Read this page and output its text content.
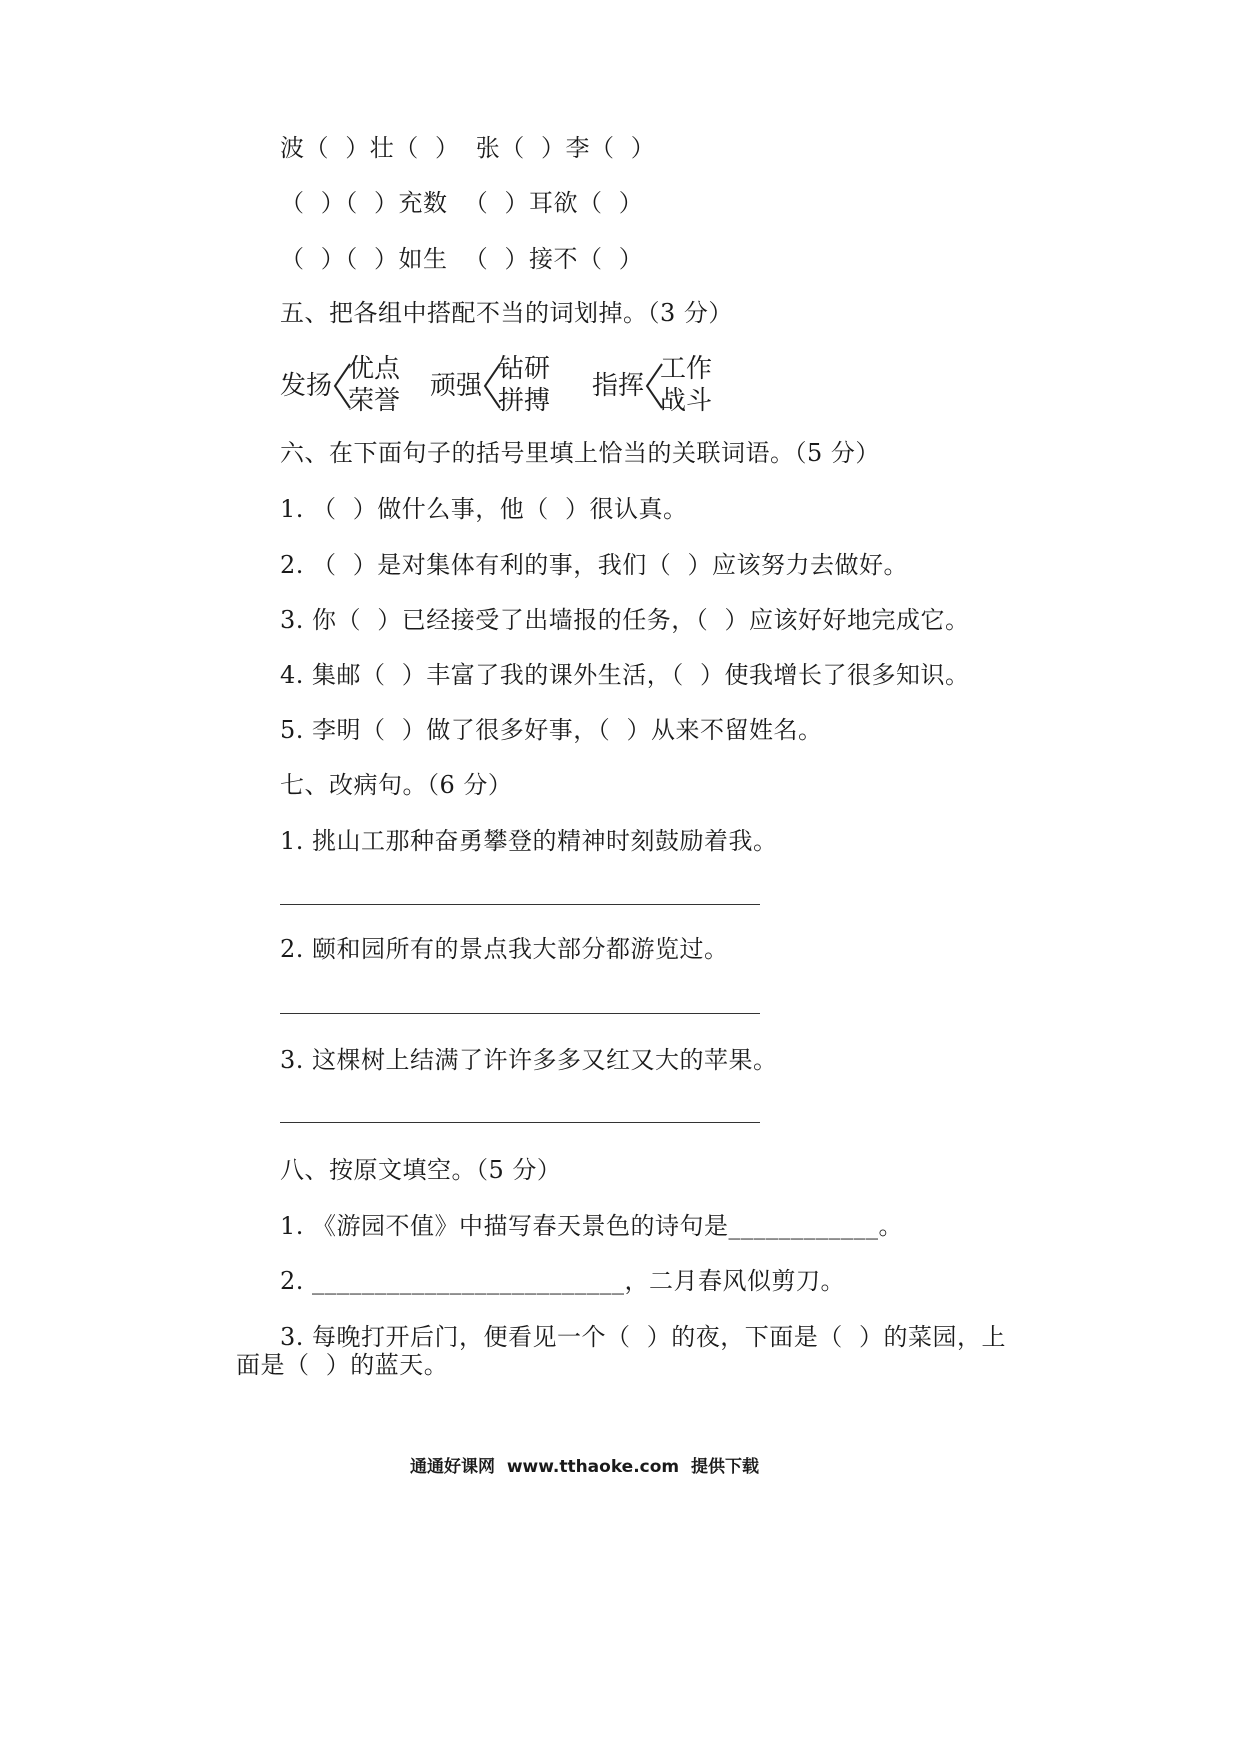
波（  ）壮（  ）  张（  ）李（  ）
（  ）（  ）充数  （  ）耳欲（  ）
（  ）（  ）如生  （  ）接不（  ）
五、把各组中搭配不当的词划掉。（3 分）
发扬
优点
荣誉 顽强
钻研
拼搏 指挥
工作
战斗
六、在下面句子的括号里填上恰当的关联词语。（5 分）
1. （  ）做什么事，他（  ）很认真。
2. （  ）是对集体有利的事，我们（  ）应该努力去做好。
3. 你（  ）已经接受了出墙报的任务，（  ）应该好好地完成它。
4. 集邮（  ）丰富了我的课外生活，（  ）使我增长了很多知识。
5. 李明（  ）做了很多好事，（  ）从来不留姓名。
七、改病句。（6 分）
1. 挑山工那种奋勇攀登的精神时刻鼓励着我。
2. 颐和园所有的景点我大部分都游览过。
3. 这棵树上结满了许许多多又红又大的苹果。
八、按原文填空。（5 分）
1. 《游园不值》中描写春天景色的诗句是____________。
2. _________________________，二月春风似剪刀。
3. 每晚打开后门，便看见一个（  ）的夜，下面是（  ）的菜园，上
面是（  ）的蓝天。
通通好课网  www.tthaoke.com  提供下载
